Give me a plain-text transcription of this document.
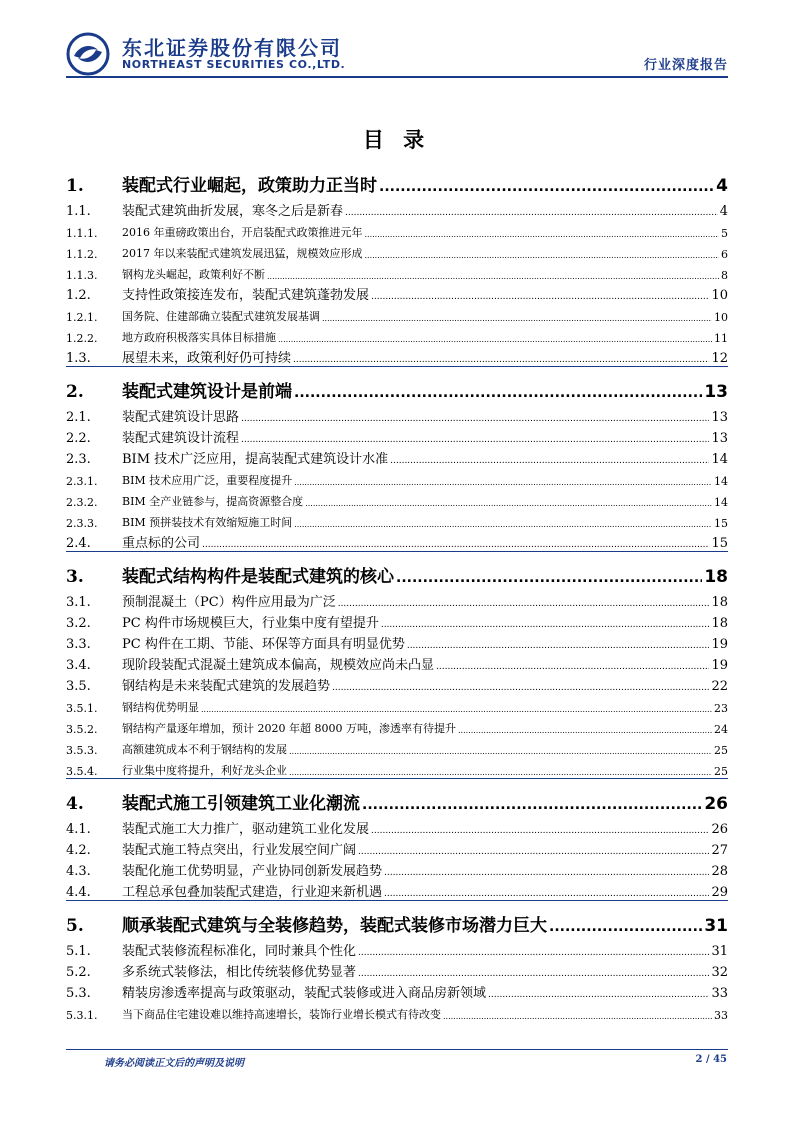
东北证券股份有限公司
NORTHEAST SECURITIES CO.,LTD.	行业深度报告
目 录
1.	装配式行业崛起，政策助力正当时 .....	4
1.1.	装配式建筑曲折发展，寒冬之后是新春 .....	4
1.1.1.	2016 年重磅政策出台，开启装配式政策推进元年 .....	5
1.1.2.	2017 年以来装配式建筑发展迅猛，规模效应形成 .....	6
1.1.3.	钢构龙头崛起，政策利好不断 .....	8
1.2.	支持性政策接连发布，装配式建筑蓬勃发展 .....	10
1.2.1.	国务院、住建部确立装配式建筑发展基调 .....	10
1.2.2.	地方政府积极落实具体目标措施 .....	11
1.3.	展望未来，政策利好仍可持续 .....	12
2.	装配式建筑设计是前端 .....	13
2.1.	装配式建筑设计思路 .....	13
2.2.	装配式建筑设计流程 .....	13
2.3.	BIM 技术广泛应用，提高装配式建筑设计水准 .....	14
2.3.1.	BIM 技术应用广泛，重要程度提升 .....	14
2.3.2.	BIM 全产业链参与，提高资源整合度 .....	14
2.3.3.	BIM 预拼装技术有效缩短施工时间 .....	15
2.4.	重点标的公司 .....	15
3.	装配式结构构件是装配式建筑的核心 .....	18
3.1.	预制混凝土（PC）构件应用最为广泛 .....	18
3.2.	PC 构件市场规模巨大，行业集中度有望提升 .....	18
3.3.	PC 构件在工期、节能、环保等方面具有明显优势 .....	19
3.4.	现阶段装配式混凝土建筑成本偏高，规模效应尚未凸显 .....	19
3.5.	钢结构是未来装配式建筑的发展趋势 .....	22
3.5.1.	钢结构优势明显 .....	23
3.5.2.	钢结构产量逐年增加，预计 2020 年超 8000 万吨，渗透率有待提升 .....	24
3.5.3.	高额建筑成本不利于钢结构的发展 .....	25
3.5.4.	行业集中度将提升，利好龙头企业 .....	25
4.	装配式施工引领建筑工业化潮流 .....	26
4.1.	装配式施工大力推广，驱动建筑工业化发展 .....	26
4.2.	装配式施工特点突出，行业发展空间广阔 .....	27
4.3.	装配化施工优势明显，产业协同创新发展趋势 .....	28
4.4.	工程总承包叠加装配式建造，行业迎来新机遇 .....	29
5.	顺承装配式建筑与全装修趋势，装配式装修市场潜力巨大 .....	31
5.1.	装配式装修流程标准化，同时兼具个性化 .....	31
5.2.	多系统式装修法，相比传统装修优势显著 .....	32
5.3.	精装房渗透率提高与政策驱动，装配式装修或进入商品房新领域 .....	33
5.3.1.	当下商品住宅建设难以维持高速增长，装饰行业增长模式有待改变 .....	33
请务必阅读正文后的声明及说明	2 / 45
